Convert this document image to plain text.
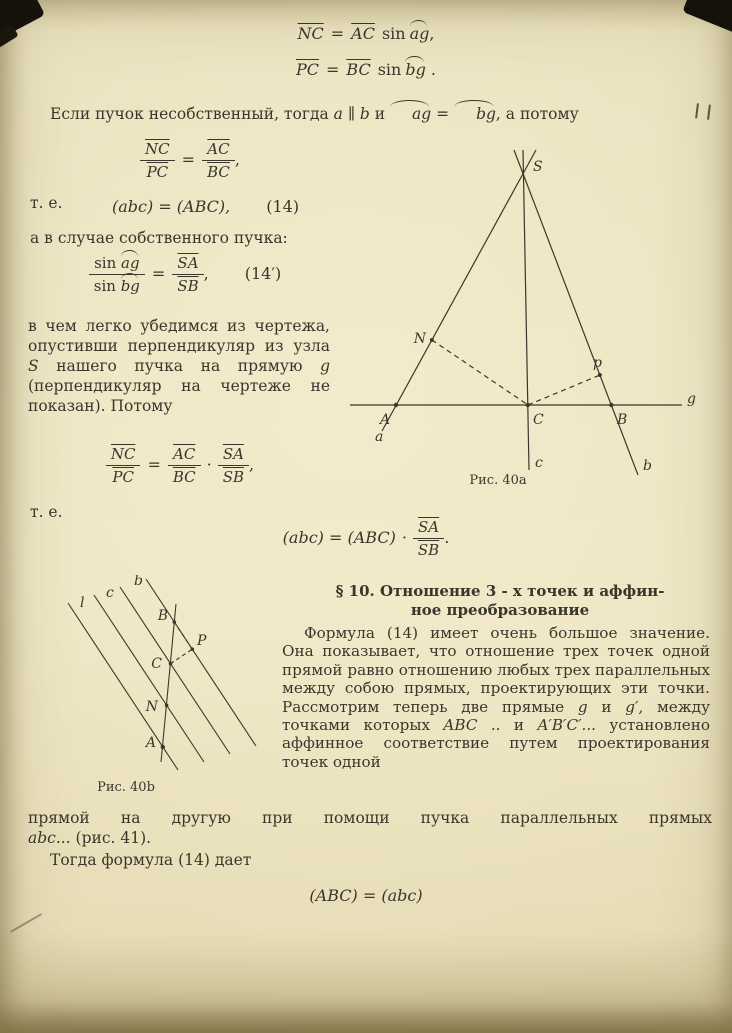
$\overline{NC} = \overline{AC}$ sin ag,
$\overline{PC} = \overline{BC}$ sin bg .
Если пучок несобственный, тогда a ∥ b и ag = bg, а потому
$\frac{\overline{NC}}{PC} = \frac{\overline{AC}}{BC}$ ,
т. е.	(abc) = (ABC), (14)
а в случае собственного пучка:
$\frac{\text{sin ag}}{\text{sin bg}} = \frac{\overline{SA}}{SB}$ , (14′)
в чем легко убедимся из чертежа, опустивши перпендикуляр из узла S нашего пучка на прямую g (перпендикуляр на чертеже не показан). Потому
$\frac{\overline{NC}}{PC} = \frac{\overline{AC}}{BC} \cdot \frac{\overline{SA}}{SB}$ ,
т. е.
$(abc) = (ABC) \cdot \frac{\overline{SA}}{SB}$ .
S
N
p
A	C	B
g
a
b
c
Рис. 40a
§ 10. Отношение 3 - х точек и аффин-
ное преобразование
Формула (14) имеет очень большое значение. Она показывает, что отношение трех точек одной прямой равно отношению любых трех параллельных между собою прямых, проектирующих эти точки. Рассмотрим теперь две прямые g и g′, между точками которых ABC .. и A′B′C′... установлено аффинное соответствие путем проектирования точек одной
b
c
l
B
P
C
N
A
Рис. 40b
прямой на другую при помощи пучка параллельных прямых
abc... (рис. 41).
Тогда формула (14) дает
(ABC) = (abc)
